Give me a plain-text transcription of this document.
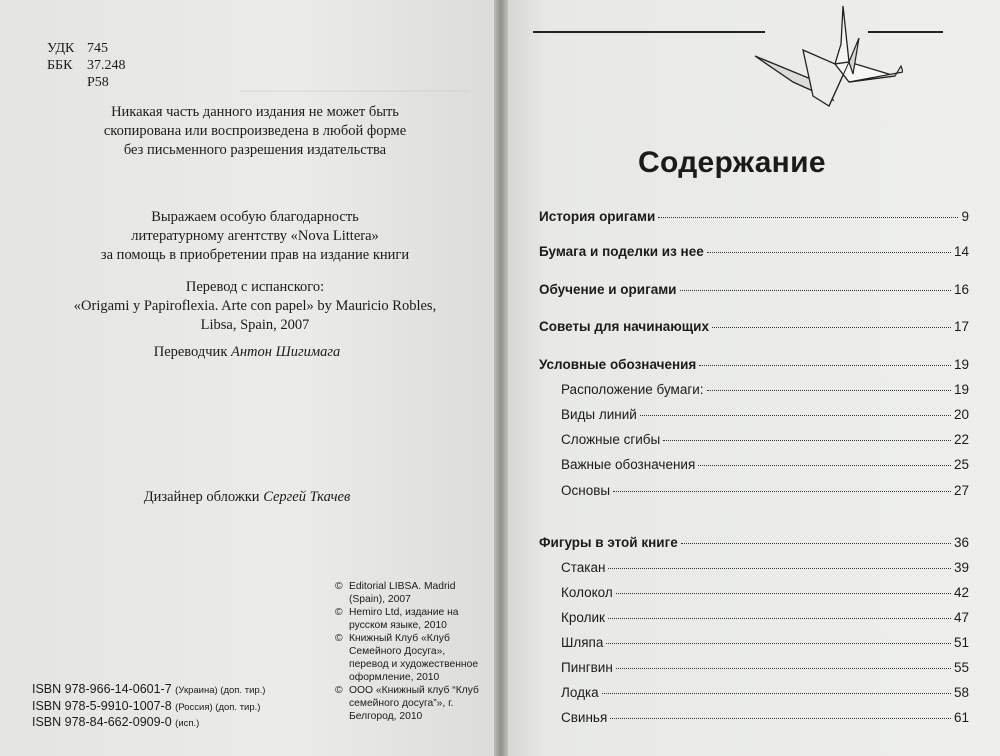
УДК 745
ББК	37.248
P58
Никакая часть данного издания не может быть
скопирована или воспроизведена в любой форме
без письменного разрешения издательства
Выражаем особую благодарность
литературному агентству «Nova Littera»
за помощь в приобретении прав на издание книги
Перевод с испанского:
«Origami y Papiroflexia. Arte con papel» by Mauricio Robles,
Libsa, Spain, 2007
Переводчик Антон Шигимага
Дизайнер обложки Сергей Ткачев
© Editorial LIBSA. Madrid (Spain), 2007
© Hemiro Ltd, издание на русском языке, 2010
© Книжный Клуб «Клуб Семейного Досуга», перевод и художественное оформление, 2010
© ООО «Книжный клуб “Клуб семейного досуга”», г. Белгород, 2010
ISBN 978-966-14-0601-7 (Украина) (доп. тир.)
ISBN 978-5-9910-1007-8 (Россия) (доп. тир.)
ISBN 978-84-662-0909-0 (исп.)
Содержание
История оригами	9
Бумага и поделки из нее	14
Обучение и оригами	16
Советы для начинающих	17
Условные обозначения	19
Расположение бумаги:	19
Виды линий	20
Сложные сгибы	22
Важные обозначения	25
Основы	27
Фигуры в этой книге	36
Стакан	39
Колокол	42
Кролик	47
Шляпа	51
Пингвин	55
Лодка	58
Свинья	61
